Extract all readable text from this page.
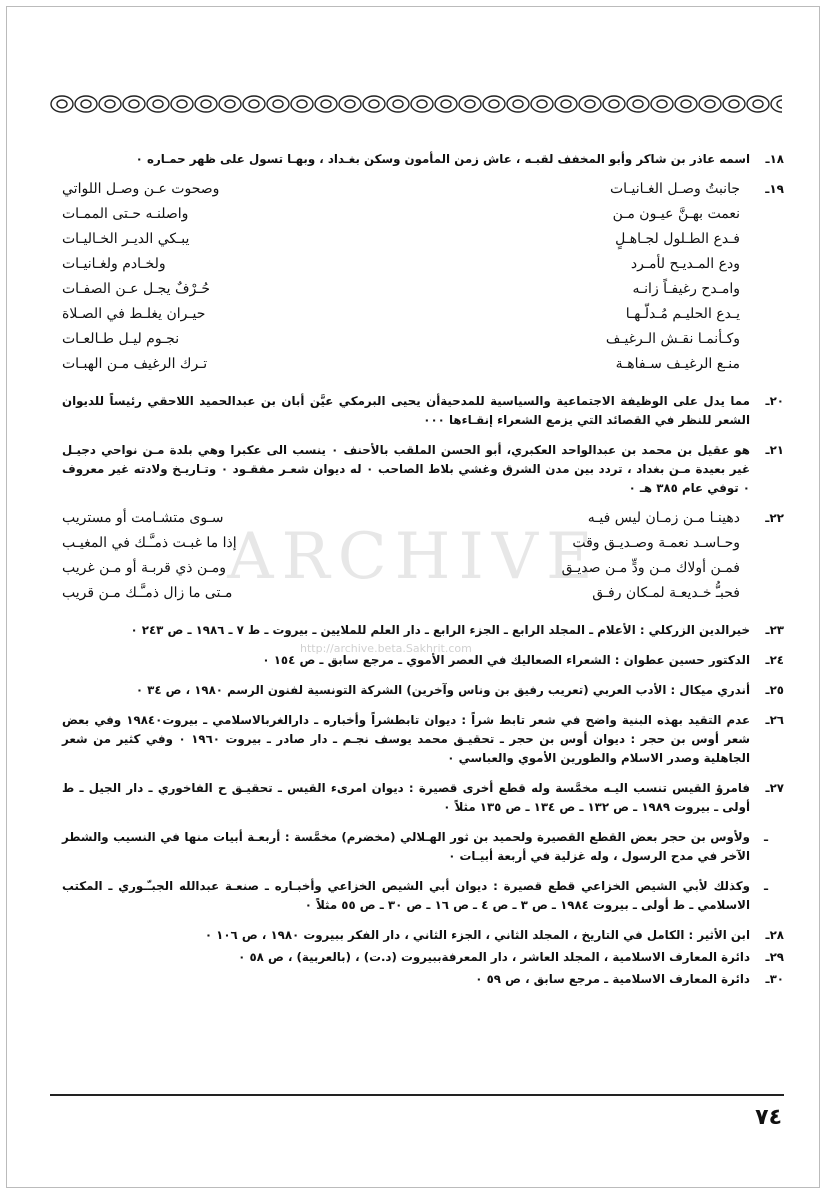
ARCHIVE
http://archive.beta.Sakhrit.com
١٨ـ
اسمه عاذر بن شاكر وأبو المخفف لقبـه ، عاش زمن المأمون وسكن بغـداد ، وبهـا تسول على ظهر حمـاره ٠
١٩ـ
جانبتُ وصـل الغـانيـات
وصحوت عـن وصـل اللواتي
نعمت بهـنَّ عيـون مـن
واصلنـه حـتى الممـات
فـدع الطـلول لجـاهـلٍ
يبـكي الديـر الخـاليـات
ودع المـديـح لأمـرد
ولخـادم ولغـانيـات
وامـدح رغيفـاً زانـه
حُـرْفٌ يجـل عـن الصفـات
يـدع الحليـم مُـدلّـهـا
حيـران يغلـط في الصـلاة
وكـأنمـا نقـش الـرغيـف
نجـوم ليـل طـالعـات
منـع الرغيـف سـفاهـة
تـرك الرغيف مـن الهبـات
٢٠ـ
مما يدل على الوظيفة الاجتماعية والسياسية للمدحيةأن يحيى البرمكي عيَّن أبان بن عبدالحميد اللاحقي رئيساً للديوان الشعر للنظر في القصائد التي يزمع الشعراء إنقـاءها ٠٠٠
٢١ـ
هو عقيل بن محمد بن عبدالواحد العكبري، أبو الحسن الملقب بالأحنف ٠ ينسب الى عكبرا وهي بلدة مـن نواحي دجيـل غير بعيدة مـن بغداد ، تردد بين مدن الشرق وغشي بلاط الصاحب ٠ له ديوان شعـر مفقـود ٠ وتـاريـخ ولادته غير معروف ٠ توفي عام ٣٨٥ هـ ٠
٢٢ـ
دهينـا مـن زمـان ليس فيـه
سـوى متشـامت أو مستريب
وحـاسـد نعمـة وصـديـق وقت
إذا ما غبـت ذمـَّـك في المغيـب
فمـن أولاك مـن ودٍّ مـن صديـق
ومـن ذي قربـة أو مـن غريب
فحبـُّ خـديعـة لمـكان رفـق
مـتى ما زال ذمـَّـك مـن قريب
٢٣ـ
خيرالدين الزركلي : الأعلام ـ المجلد الرابع ـ الجزء الرابع ـ دار العلم للملايين ـ بيروت ـ ط ٧ ـ ١٩٨٦ ـ ص ٢٤٣ ٠
٢٤ـ
الدكتور حسين عطوان : الشعراء الصعاليك في العصر الأموي ـ مرجع سابق ـ ص ١٥٤ ٠
٢٥ـ
أندري ميكال : الأدب العربي (تعريب رفيق بن وناس وآخرين) الشركة التونسية لفنون الرسم ١٩٨٠ ، ص ٣٤ ٠
٢٦ـ
عدم التقيد بهذه البنية واضح في شعر تابط شراً : ديوان تابطشراً وأخباره ـ دارالغربالاسلامي ـ بيروت١٩٨٤٠ وفي بعض شعر أوس بن حجر : ديوان أوس بن حجر ـ تحقيـق محمد يوسف نجـم ـ دار صادر ـ بيروت ١٩٦٠ ٠ وفي كثير من شعر الجاهلية وصدر الاسلام والطورين الأموي والعباسي ٠
٢٧ـ
فامرؤ القيس تنسب اليـه مخمَّسة وله قطع أخرى قصيرة : ديوان امرىء القيس ـ تحقيـق ح الفاخوري ـ دار الجيل ـ ط أولى ـ بيروت ١٩٨٩ ـ ص ١٣٢ ـ ص ١٣٤ ـ ص ١٣٥ مثلاً ٠
ـ
ولأوس بن حجر بعض القطع القصيرة ولحميد بن ثور الهـلالي (مخضرم) مخمَّسة : أربعـة أبيات منها في النسيب والشطر الآخر في مدح الرسول ، وله غزلية في أربعة أبيـات ٠
ـ
وكذلك لأبي الشيص الخزاعي قطع قصيرة : ديوان أبي الشيص الخزاعي وأخبـاره ـ صنعـة عبدالله الجبـّـوري ـ المكتب الاسلامي ـ ط أولى ـ بيروت ١٩٨٤ ـ ص ٣ ـ ص ٤ ـ ص ١٦ ـ ص ٣٠ ـ ص ٥٥ مثلاً ٠
٢٨ـ
ابن الأثير : الكامل في التاريخ ، المجلد الثاني ، الجزء الثاني ، دار الفكر ببيروت ١٩٨٠ ، ص ١٠٦ ٠
٢٩ـ
دائرة المعارف الاسلامية ، المجلد العاشر ، دار المعرفةببيروت (د.ت) ، (بالعربية) ، ص ٥٨ ٠
٣٠ـ
دائرة المعارف الاسلامية ـ مرجع سابق ، ص ٥٩ ٠
٧٤
